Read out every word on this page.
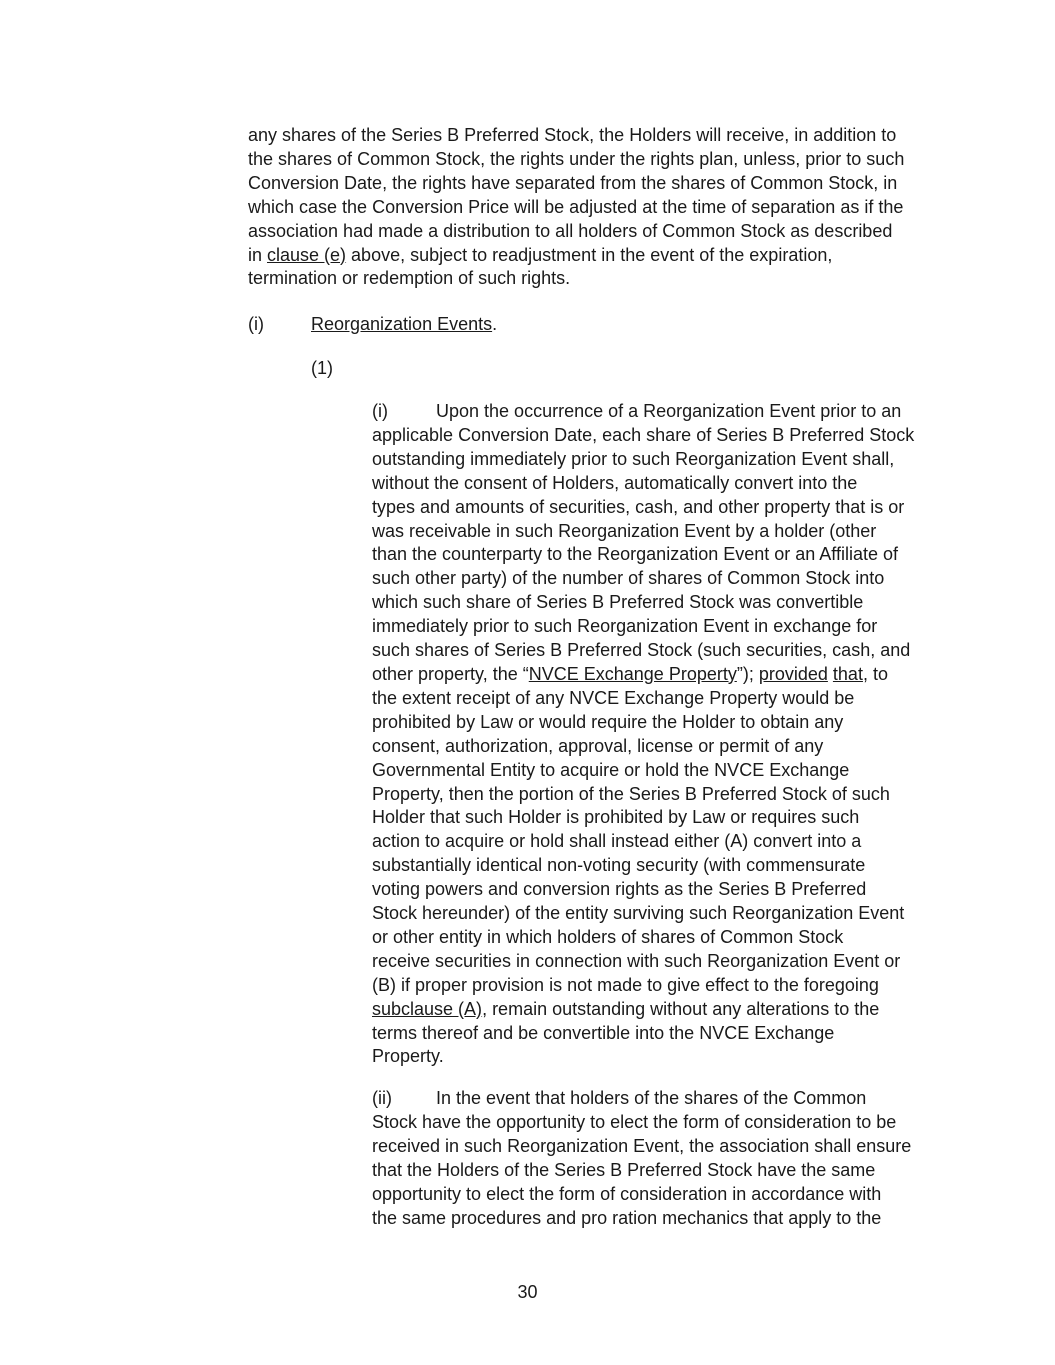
any shares of the Series B Preferred Stock, the Holders will receive, in addition to
the shares of Common Stock, the rights under the rights plan, unless, prior to such
Conversion Date, the rights have separated from the shares of Common Stock, in
which case the Conversion Price will be adjusted at the time of separation as if the
association had made a distribution to all holders of Common Stock as described
in clause (e) above, subject to readjustment in the event of the expiration,
termination or redemption of such rights.

(i)	Reorganization Events.
(1)

(i)	Upon the occurrence of a Reorganization Event prior to an
applicable Conversion Date, each share of Series B Preferred Stock
outstanding immediately prior to such Reorganization Event shall,
without the consent of Holders, automatically convert into the
types and amounts of securities, cash, and other property that is or
was receivable in such Reorganization Event by a holder (other
than the counterparty to the Reorganization Event or an Affiliate of
such other party) of the number of shares of Common Stock into
which such share of Series B Preferred Stock was convertible
immediately prior to such Reorganization Event in exchange for
such shares of Series B Preferred Stock (such securities, cash, and
other property, the “NVCE Exchange Property”); provided that, to
the extent receipt of any NVCE Exchange Property would be
prohibited by Law or would require the Holder to obtain any
consent, authorization, approval, license or permit of any
Governmental Entity to acquire or hold the NVCE Exchange
Property, then the portion of the Series B Preferred Stock of such
Holder that such Holder is prohibited by Law or requires such
action to acquire or hold shall instead either (A) convert into a
substantially identical non-voting security (with commensurate
voting powers and conversion rights as the Series B Preferred
Stock hereunder) of the entity surviving such Reorganization Event
or other entity in which holders of shares of Common Stock
receive securities in connection with such Reorganization Event or
(B) if proper provision is not made to give effect to the foregoing
subclause (A), remain outstanding without any alterations to the
terms thereof and be convertible into the NVCE Exchange
Property.

(ii) In the event that holders of the shares of the Common
Stock have the opportunity to elect the form of consideration to be
received in such Reorganization Event, the association shall ensure
that the Holders of the Series B Preferred Stock have the same
opportunity to elect the form of consideration in accordance with
the same procedures and pro ration mechanics that apply to the

30
